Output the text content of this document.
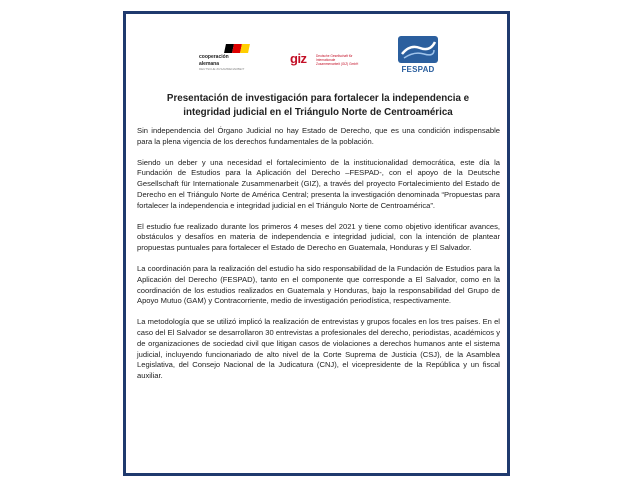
cooperación
alemana
DEUTSCHE ZUSAMMENARBEIT
giz	Deutsche Gesellschaft für Internationale Zusammenarbeit (GIZ) GmbH
FESPAD
Presentación de investigación para fortalecer la independencia e integridad judicial en el Triángulo Norte de Centroamérica

Sin independencia del Órgano Judicial no hay Estado de Derecho, que es una condición indispensable para la plena vigencia de los derechos fundamentales de la población.

Siendo un deber y una necesidad el fortalecimiento de la institucionalidad democrática, este día la Fundación de Estudios para la Aplicación del Derecho –FESPAD-, con el apoyo de la Deutsche Gesellschaft für Internationale Zusammenarbeit (GIZ), a través del proyecto Fortalecimiento del Estado de Derecho en el Triángulo Norte de América Central; presenta la investigación denominada “Propuestas para fortalecer la independencia e integridad judicial en el Triángulo Norte de Centroamérica”.

El estudio fue realizado durante los primeros 4 meses del 2021 y tiene como objetivo identificar avances, obstáculos y desafíos en materia de independencia e integridad judicial, con la intención de plantear propuestas puntuales para fortalecer el Estado de Derecho en Guatemala, Honduras y El Salvador.

La coordinación para la realización del estudio ha sido responsabilidad de la Fundación de Estudios para la Aplicación del Derecho (FESPAD), tanto en el componente que corresponde a El Salvador, como en la coordinación de los estudios realizados en Guatemala y Honduras, bajo la responsabilidad del Grupo de Apoyo Mutuo (GAM) y Contracorriente, medio de investigación periodística, respectivamente.

La metodología que se utilizó implicó la realización de entrevistas y grupos focales en los tres países. En el caso del El Salvador se desarrollaron 30 entrevistas a profesionales del derecho, periodistas, académicos y de organizaciones de sociedad civil que litigan casos de violaciones a derechos humanos ante el sistema judicial, incluyendo funcionariado de alto nivel de la Corte Suprema de Justicia (CSJ), de la Asamblea Legislativa, del Consejo Nacional de la Judicatura (CNJ), el vicepresidente de la República y un fiscal auxiliar.
